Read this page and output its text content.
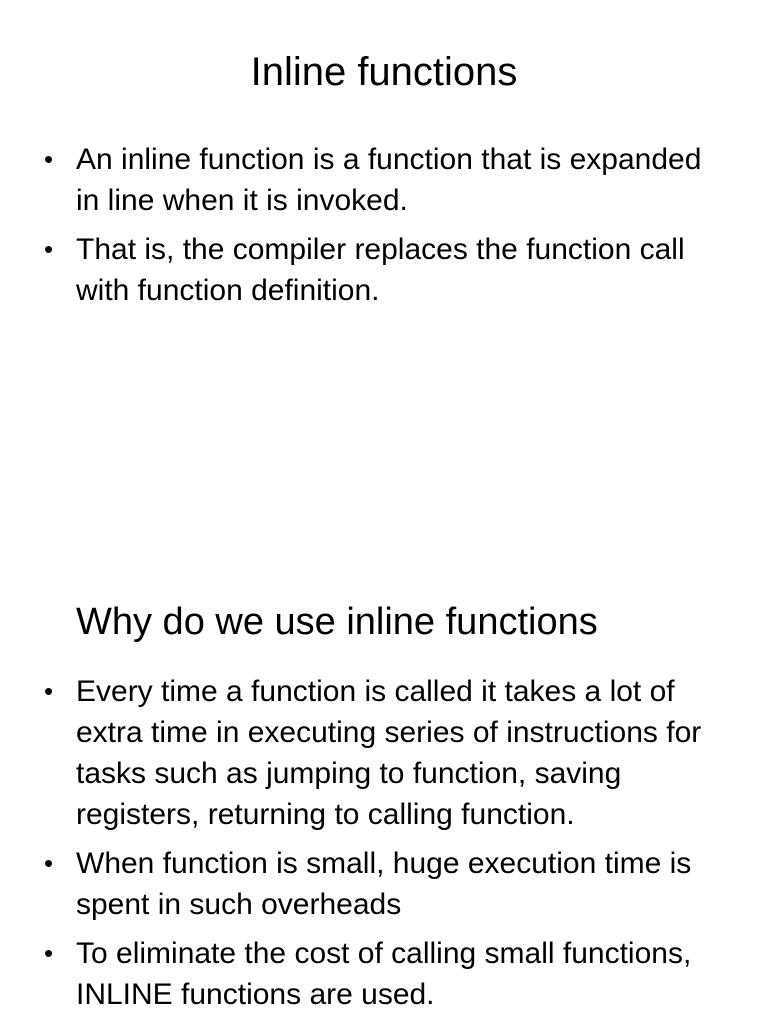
Inline functions
• An inline function is a function that is expanded in line when it is invoked.
• That is, the compiler replaces the function call with function definition.
Why do we use inline functions
• Every time a function is called it takes a lot of extra time in executing series of instructions for tasks such as jumping to function, saving registers, returning to calling function.
• When function is small, huge execution time is spent in such overheads
• To eliminate the cost of calling small functions, INLINE functions are used.
